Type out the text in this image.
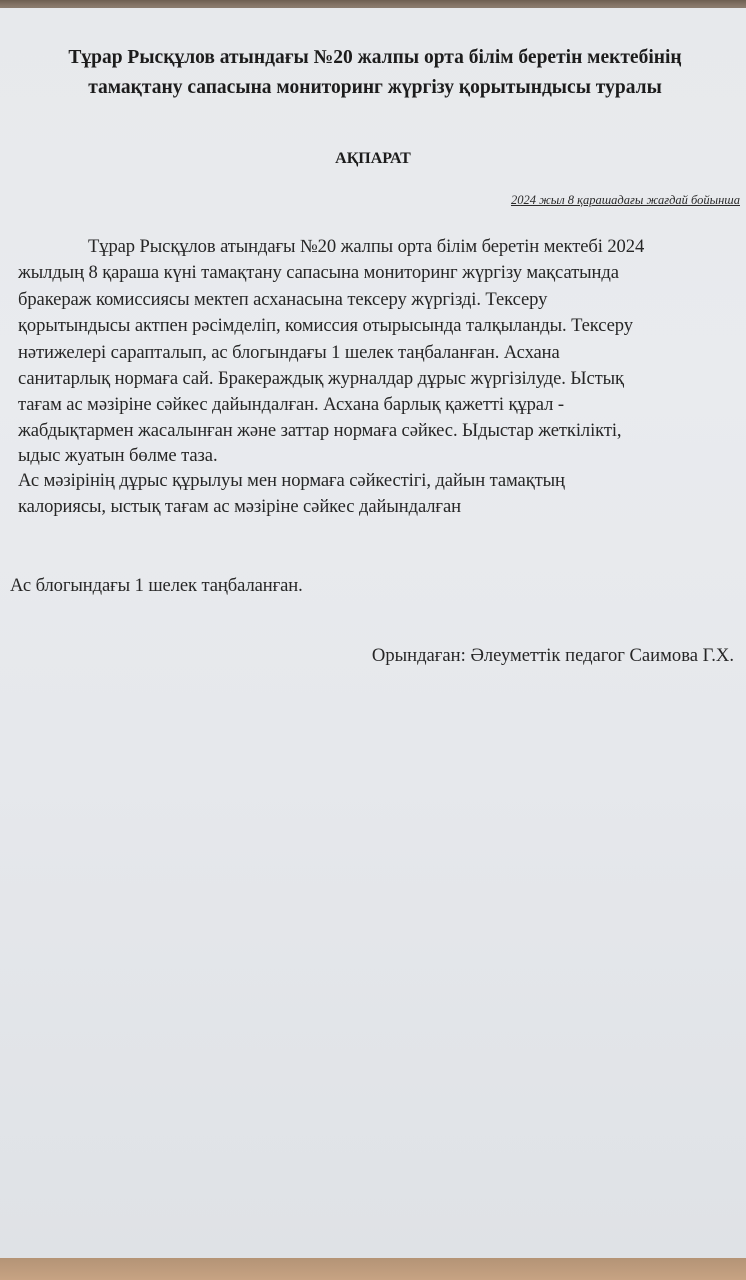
Тұрар Рысқұлов атындағы №20 жалпы орта білім беретін мектебінің
тамақтану сапасына мониторинг жүргізу қорытындысы туралы
АҚПАРАТ
2024 жыл 8 қарашадағы жағдай бойынша
Тұрар Рысқұлов атындағы №20 жалпы орта білім беретін мектебі 2024
жылдың 8 қараша күні тамақтану сапасына мониторинг жүргізу мақсатында
бракераж комиссиясы мектеп асханасына тексеру жүргізді. Тексеру
қорытындысы актпен рәсімделіп, комиссия отырысында талқыланды. Тексеру
нәтижелері сарапталып, ас блогындағы 1 шелек таңбаланған. Асхана
санитарлық нормаға сай. Бракераждық журналдар дұрыс жүргізілуде. Ыстық
тағам ас мәзіріне сәйкес дайындалған. Асхана барлық қажетті құрал -
жабдықтармен жасалынған және заттар нормаға сәйкес. Ыдыстар жеткілікті,
ыдыс жуатын бөлме таза.
Ас мәзірінің дұрыс құрылуы мен нормаға сәйкестігі, дайын тамақтың
калориясы, ыстық тағам ас мәзіріне сәйкес дайындалған
Ас блогындағы 1 шелек таңбаланған.
Орындаған: Әлеуметтік педагог Саимова Г.Х.
